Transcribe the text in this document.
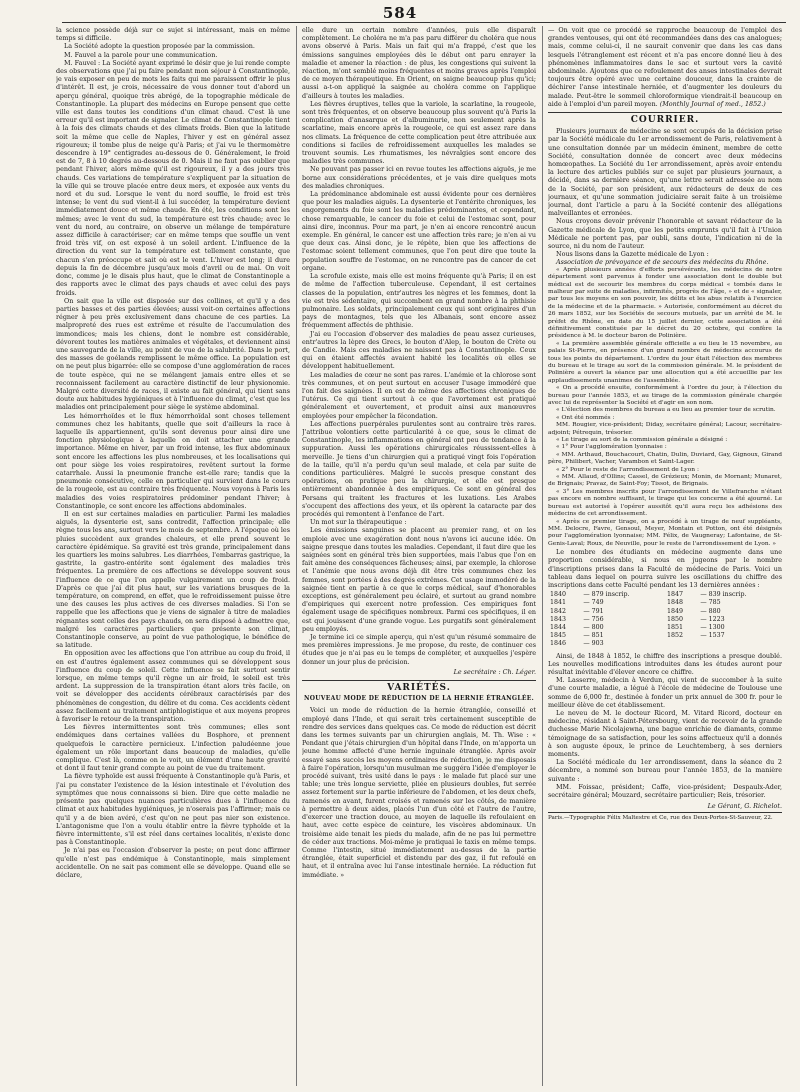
584

la science possède déjà sur ce sujet si intéressant, mais en même temps si difficile.

La Société adopte la question proposée par la commission.

M. Fauvel a la parole pour une communication.

M. Fauvel : La Société ayant exprimé le désir que je lui rende compte des observations que j'ai pu faire pendant mon séjour à Constantinople, je vais exposer en peu de mots les faits qui me paraissent offrir le plus d'intérêt. Il est, je crois, nécessaire de vous donner tout d'abord un aperçu général, quoique très abrégé, de la topographie médicale de Constantinople. La plupart des médecins en Europe pensent que cette ville est dans toutes les conditions d'un climat chaud. C'est là une erreur qu'il est important de signaler. Le climat de Constantinople tient à la fois des climats chauds et des climats froids. Bien que la latitude soit la même que celle de Naples, l'hiver y est en général assez rigoureux; il tombe plus de neige qu'à Paris; et j'ai vu le thermomètre descendre à 19° centigrades au-dessous de 0. Généralement, le froid est de 7, 8 à 10 degrés au-dessous de 0. Mais il ne faut pas oublier que pendant l'hiver, alors même qu'il est rigoureux, il y a des jours très chauds. Ces variations de température s'expliquent par la situation de la ville qui se trouve placée entre deux mers, et exposée aux vents du nord et du sud. Lorsque le vent du nord souffle, le froid est très intense; le vent du sud vient-il à lui succéder, la température devient immédiatement douce et même chaude. En été, les conditions sont les mêmes; avec le vent du sud, la température est très chaude; avec le vent du nord, au contraire, on observe un mélange de température assez difficile à caractériser; car en même temps que souffle un vent froid très vif, on est exposé à un soleil ardent. L'influence de la direction du vent sur la température est tellement constante, que chacun s'en préoccupe et sait où est le vent. L'hiver est long; il dure depuis la fin de décembre jusqu'aux mois d'avril ou de mai. On voit donc, comme je le disais plus haut, que le climat de Constantinople a des rapports avec le climat des pays chauds et avec celui des pays froids.

On sait que la ville est disposée sur des collines, et qu'il y a des parties basses et des parties élevées; aussi voit-on certaines affections régner à peu près exclusivement dans chacune de ces parties. La malpropreté des rues est extrême et résulte de l'accumulation des immondices; mais les chiens, dont le nombre est considérable, dévorent toutes les matières animales et végétales, et deviennent ainsi une sauvegarde de la ville, au point de vue de la salubrité. Dans le port, des masses de goélands remplissent le même office. La population est on ne peut plus bigarrée: elle se compose d'une agglomération de races de toute espèce, qui ne se mélangent jamais entre elles et se reconnaissent facilement au caractère distinctif de leur physionomie. Malgré cette diversité de races, il existe au fait général, qui tient sans doute aux habitudes hygiéniques et à l'influence du climat, c'est que les maladies ont principalement pour siège le système abdominal.

Les hémorrhoïdes et le flux hémorrhoïdal sont choses tellement communes chez les habitants, quelle que soit d'ailleurs la race à laquelle ils appartiennent, qu'ils sont devenus pour ainsi dire une fonction physiologique à laquelle on doit attacher une grande importance. Même en hiver, par un froid intense, les flux abdominaux sont encore les affections les plus nombreuses, et les localisations qui ont pour siège les voies respiratoires, revêtent surtout la forme catarrhale. Aussi la pneumonie franche est-elle rare; tandis que la pneumonie consécutive, celle en particulier qui survient dans le cours de la rougeole, est au contraire très fréquente. Nous voyons à Paris les maladies des voies respiratoires prédominer pendant l'hiver; à Constantinople, ce sont encore les affections abdominales.

Il en est sur certaines maladies en particulier. Parmi les maladies aiguës, la dysenterie est, sans contredit, l'affection principale; elle règne tous les ans, surtout vers le mois de septembre. A l'époque où les pluies succèdent aux grandes chaleurs, et elle prend souvent le caractère épidémique. Sa gravité est très grande, principalement dans les quartiers les moins salubres. Les diarrhées, l'embarras gastrique, la gastrite, la gastro-entérite sont également des maladies très fréquentes. La première de ces affections se développe souvent sous l'influence de ce que l'on appelle vulgairement un coup de froid. D'après ce que j'ai dit plus haut, sur les variations brusques de la température, on comprend, en effet, que le refroidissement puisse être une des causes les plus actives de ces diverses maladies. Si l'on se rappelle que les affections que je viens de signaler à titre de maladies régnantes sont celles des pays chauds, on sera disposé à admettre que, malgré les caractères particuliers que présente son climat, Constantinople conserve, au point de vue pathologique, le bénéfice de sa latitude.

En opposition avec les affections que l'on attribue au coup du froid, il en est d'autres également assez communes qui se développent sous l'influence du coup de soleil. Cette influence se fait surtout sentir lorsque, en même temps qu'il règne un air froid, le soleil est très ardent. La suppression de la transpiration étant alors très facile, on voit se développer des accidents cérébraux caractérisés par des phénomènes de congestion, du délire et du coma. Ces accidents cèdent assez facilement au traitement antiphlogistique et aux moyens propres à favoriser le retour de la transpiration.

Les fièvres intermittentes sont très communes; elles sont endémiques dans certaines vallées du Bosphore, et prennent quelquefois le caractère pernicieux. L'infection paludéenne joue également un rôle important dans beaucoup de maladies, qu'elle complique. C'est là, comme on le voit, un élément d'une haute gravité et dont il faut tenir grand compte au point de vue du traitement.

La fièvre typhoïde est aussi fréquente à Constantinople qu'à Paris, et j'ai pu constater l'existence de la lésion intestinale et l'évolution des symptômes que nous connaissons si bien. Dire que cette maladie ne présente pas quelques nuances particulières dues à l'influence du climat et aux habitudes hygiéniques, je n'oserais pas l'affirmer; mais ce qu'il y a de bien avéré, c'est qu'on ne peut pas nier son existence. L'antagonisme que l'on a voulu établir entre la fièvre typhoïde et la fièvre intermittente, s'il est réel dans certaines localités, n'existe donc pas à Constantinople.

Je n'ai pas eu l'occasion d'observer la peste; on peut donc affirmer qu'elle n'est pas endémique à Constantinople, mais simplement accidentelle. On ne sait pas comment elle se développe. Quand elle se déclare,

elle dure un certain nombre d'années, puis elle disparaît complètement. Le choléra ne m'a pas paru différer du choléra que nous avons observé à Paris. Mais un fait qui m'a frappé, c'est que les émissions sanguines employées dès le début ont paru enrayer la maladie et amener la réaction : de plus, les congestions qui suivent la réaction, m'ont semblé moins fréquentes et moins graves après l'emploi de ce moyen thérapeutique. En Orient, on saigne beaucoup plus qu'ici; aussi a-t-on appliqué la saignée au choléra comme on l'applique d'ailleurs à toutes les maladies.

Les fièvres éruptives, telles que la variole, la scarlatine, la rougeole, sont très fréquentes, et on observe beaucoup plus souvent qu'à Paris la complication d'anasarque et d'albuminurie, non seulement après la scarlatine, mais encore après la rougeole, ce qui est assez rare dans nos climats. La fréquence de cette complication peut être attribuée aux conditions si faciles de refroidissement auxquelles les malades se trouvent soumis. Les rhumatismes, les névralgies sont encore des maladies très communes.

Ne pouvant pas passer ici en revue toutes les affections aiguës, je me borne aux considérations précédentes, et je vais dire quelques mots des maladies chroniques.

La prédominance abdominale est aussi évidente pour ces dernières que pour les maladies aiguës. La dysenterie et l'entérite chroniques, les engorgements du foie sont les maladies prédominantes, et cependant, chose remarquable, le cancer du foie et celui de l'estomac sont, pour ainsi dire, inconnus. Pour ma part, je n'en ai encore rencontré aucun exemple. En général, le cancer est une affection très rare; je n'en ai vu que deux cas. Ainsi donc, je le répète, bien que les affections de l'estomac soient tellement communes, que l'on peut dire que toute la population souffre de l'estomac, on ne rencontre pas de cancer de cet organe.

La scrofule existe, mais elle est moins fréquente qu'à Paris; il en est de même de l'affection tuberculeuse. Cependant, il est certaines classes de la population, entr'autres les nègres et les femmes, dont la vie est très sédentaire, qui succombent en grand nombre à la phthisie pulmonaire. Les soldats, principalement ceux qui sont originaires d'un pays de montagnes, tels que les Albanais, sont encore assez fréquemment affectés de phthisie.

J'ai eu l'occasion d'observer des maladies de peau assez curieuses, entr'autres la lèpre des Grecs, le bouton d'Alep, le bouton de Crète ou de Candie. Mais ces maladies ne naissent pas à Constantinople. Ceux qui en étaient affectés avaient habité les localités où elles se développent habituellement.

Les maladies de cœur ne sont pas rares. L'anémie et la chlorose sont très communes, et on peut surtout en accuser l'usage immodéré que l'on fait des saignées. Il en est de même des affections chroniques de l'utérus. Ce qui tient surtout à ce que l'avortement est pratiqué généralement et ouvertement, et produit ainsi aux manœuvres employées pour empêcher la fécondation.

Les affections puerpérales purulentes sont au contraire très rares. J'attribue volontiers cette particularité à ce que, sous le climat de Constantinople, les inflammations en général ont peu de tendance à la suppuration. Aussi les opérations chirurgicales réussissent-elles à merveille. Je tiens d'un chirurgien qui a pratiqué vingt fois l'opération de la taille, qu'il n'a perdu qu'un seul malade, et cela par suite de conditions particulières. Malgré le succès presque constant des opérations, on pratique peu la chirurgie, et elle est presque entièrement abandonnée à des empiriques. Ce sont en général des Persans qui traitent les fractures et les luxations. Les Arabes s'occupent des affections des yeux, et ils opèrent la cataracte par des procédés qui remontent à l'enfance de l'art.

Un mot sur la thérapeutique :

Les émissions sanguines se placent au premier rang, et on les emploie avec une exagération dont nous n'avons ici aucune idée. On saigne presque dans toutes les maladies. Cependant, il faut dire que les saignées sont en général très bien supportées, mais l'abus que l'on en fait amène des conséquences fâcheuses; ainsi, par exemple, la chlorose et l'anémie que nous avons déjà dit être très communes chez les femmes, sont portées à des degrés extrêmes. Cet usage immodéré de la saignée tient en partie à ce que le corps médical, sauf d'honorables exceptions, est généralement peu éclairé, et surtout au grand nombre d'empiriques qui exercent notre profession. Ces empiriques font également usage de spécifiques nombreux. Parmi ces spécifiques, il en est qui jouissent d'une grande vogue. Les purgatifs sont généralement peu employés.

Je termine ici ce simple aperçu, qui n'est qu'un résumé sommaire de mes premières impressions. Je me propose, du reste, de continuer ces études que je n'ai pas eu le temps de compléter, et auxquelles j'espère donner un jour plus de précision.

Le secrétaire : Ch. Léger.

VARIÉTÉS.

NOUVEAU MODE DE RÉDUCTION DE LA HERNIE ÉTRANGLÉE.

Voici un mode de réduction de la hernie étranglée, conseillé et employé dans l'Inde, et qui serait très certainement susceptible de rendre des services dans quelques cas. Ce mode de réduction est décrit dans les termes suivants par un chirurgien anglais, M. Th. Wise : « Pendant que j'étais chirurgien d'un hôpital dans l'Inde, on m'apporta un jeune homme affecté d'une hernie inguinale étranglée. Après avoir essayé sans succès les moyens ordinaires de réduction, je me disposais à faire l'opération, lorsqu'un musulman me suggéra l'idée d'employer le procédé suivant, très usité dans le pays : le malade fut placé sur une table; une très longue serviette, pliée en plusieurs doubles, fut serrée assez fortement sur la partie inférieure de l'abdomen, et les deux chefs, ramenés en avant, furent croisés et ramenés sur les côtés, de manière à permettre à deux aides, placés l'un d'un côté et l'autre de l'autre, d'exercer une traction douce, au moyen de laquelle ils refoulaient en haut, avec cette espèce de ceinture, les viscères abdominaux. Un troisième aide tenait les pieds du malade, afin de ne pas lui permettre de céder aux tractions. Moi-même je pratiquai le taxis en même temps. Comme l'intestin, situé immédiatement au-dessus de la partie étranglée, était superficiel et distendu par des gaz, il fut refoulé en haut, et il entraîna avec lui l'anse intestinale herniée. La réduction fut immédiate. »

— On voit que ce procédé se rapproche beaucoup de l'emploi des grandes ventouses, qui ont été recommandées dans des cas analogues; mais, comme celui-ci, il ne saurait convenir que dans les cas dans lesquels l'étranglement est récent et n'a pas encore donné lieu à des phénomènes inflammatoires dans le sac et surtout vers la cavité abdominale. Ajoutons que ce refoulement des anses intestinales devrait toujours être opéré avec une certaine douceur, dans la crainte de déchirer l'anse intestinale herniée, et d'augmenter les douleurs du malade. Peut-être le sommeil chloroformique viendrait-il beaucoup en aide à l'emploi d'un pareil moyen. (Monthly Journal of med., 1852.)

COURRIER.

Plusieurs journaux de médecine se sont occupés de la décision prise par la Société médicale du 1er arrondissement de Paris, relativement à une consultation donnée par un médecin éminent, membre de cette Société, consultation donnée de concert avec deux médecins homœopathes. La Société du 1er arrondissement, après avoir entendu la lecture des articles publiés sur ce sujet par plusieurs journaux, a décidé, dans sa dernière séance, qu'une lettre serait adressée au nom de la Société, par son président, aux rédacteurs de deux de ces journaux, et qu'une sommation judiciaire serait faite à un troisième journal, dont l'article a paru à la Société contenir des allégations malveillantes et erronées.

Nous croyons devoir prévenir l'honorable et savant rédacteur de la Gazette médicale de Lyon, que les petits emprunts qu'il fait à l'Union Médicale ne portent pas, par oubli, sans doute, l'indication ni de la source, ni du nom de l'auteur.

Nous lisons dans la Gazette médicale de Lyon :

Association de prévoyance et de secours des médecins du Rhône.

« Après plusieurs années d'efforts persévérants, les médecins de notre département sont parvenus à fonder une association dont le double but médical est de secourir les membres du corps médical « tombés dans le malheur par suite de maladies, infirmités, progrès de l'âge, » et de « signaler, par tous les moyens en son pouvoir, les délits et les abus relatifs à l'exercice de la médecine et de la pharmacie. » Autorisée, conformément au décret du 26 mars 1852, sur les Sociétés de secours mutuels, par un arrêté de M. le préfet du Rhône, en date du 15 juillet dernier, cette association a été définitivement constituée par le décret du 20 octobre, qui confère la présidence à M. le docteur baron de Polinière.

« La première assemblée générale officielle a eu lieu le 15 novembre, au palais St-Pierre, en présence d'un grand nombre de médecins accourus de tous les points du département. L'ordre du jour était l'élection des membres du bureau et le tirage au sort de la commission générale. M. le président de Polinière a ouvert la séance par une allocution qui a été accueillie par les applaudissements unanimes de l'assemblée.

« On a procédé ensuite, conformément à l'ordre du jour, à l'élection du bureau pour l'année 1853, et au tirage de la commission générale chargée avec lui de représenter la Société et d'agir en son nom.

« L'élection des membres du bureau a eu lieu au premier tour de scrutin.

« Ont été nommés :

MM. Rougier, vice-président; Diday, secrétaire général; Lacour, secrétaire-adjoint; Pétrequin, trésorier.

« Le tirage au sort de la commission générale a désigné :

« 1° Pour l'agglomération lyonnaise :

« MM. Arthaud, Bouchacourt, Chatin, Dulin, Duviard, Gay, Gignoux, Girand père, Philibert, Vacher, Varambon et Saint-Lager.

« 2° Pour le reste de l'arrondissement de Lyon :

« MM. Allaud, d'Ollins; Cassel, de Grézieux; Monin, de Mornant; Munaret, de Brignais; Pravaz, de Saint-Foy; Tissot, de Brignais.

« 3° Les membres inscrits pour l'arrondissement de Villefranche n'étant pas encore en nombre suffisant, le tirage qui les concerne a été ajourné. Le bureau est autorisé à l'opérer aussitôt qu'il aura reçu les adhésions des médecins de cet arrondissement.

« Après ce premier tirage, on a procédé à un tirage de neuf suppléants, MM. Delocre, Favre, Gensoul, Meyer, Montain et Potton, ont été désignés pour l'agglomération lyonnaise; MM. Félix, de Vaugneray; Lafontaine, de St-Genis-Laval; Roux, de Neuville, pour le reste de l'arrondissement de Lyon. »

Le nombre des étudiants en médecine augmente dans une proportion considérable, si nous en jugeons par le nombre d'inscriptions prises dans la Faculté de médecine de Paris. Voici un tableau dans lequel on pourra suivre les oscillations du chiffre des inscriptions dans cette Faculté pendant les 13 dernières années :

1840	— 879 inscrip.	1847	— 839 inscrip.
1841	— 749	1848	— 785
1842	— 791	1849	— 880
1843	— 756	1850	— 1223
1844	— 800	1851	— 1300
1845	— 851	1852	— 1537
1846	— 903		

Ainsi, de 1848 à 1852, le chiffre des inscriptions a presque doublé. Les nouvelles modifications introduites dans les études auront pour résultat inévitable d'élever encore ce chiffre.

M. Lasserre, médecin à Verdun, qui vient de succomber à la suite d'une courte maladie, a légué à l'école de médecine de Toulouse une somme de 6,000 fr., destinée à fonder un prix annuel de 300 fr. pour le meilleur élève de cet établissement.

Le neveu de M. le docteur Ricord, M. Vitard Ricord, docteur en médecine, résidant à Saint-Pétersbourg, vient de recevoir de la grande duchesse Marie Nicolajewna, une bague enrichie de diamants, comme témoignage de sa satisfaction, pour les soins affectueux qu'il a donnés à son auguste époux, le prince de Leuchtemberg, à ses derniers moments.

La Société médicale du 1er arrondissement, dans la séance du 2 décembre, a nommé son bureau pour l'année 1853, de la manière suivante :

MM. Foissac, président; Caffe, vice-président; Despaulx-Ader, secrétaire général; Mouzard, secrétaire particulier; Reis, trésorier.

Le Gérant, G. Richelot.

Paris.—Typographie Félix Maltestre et Ce, rue des Deux-Portes-St-Sauveur, 22.
